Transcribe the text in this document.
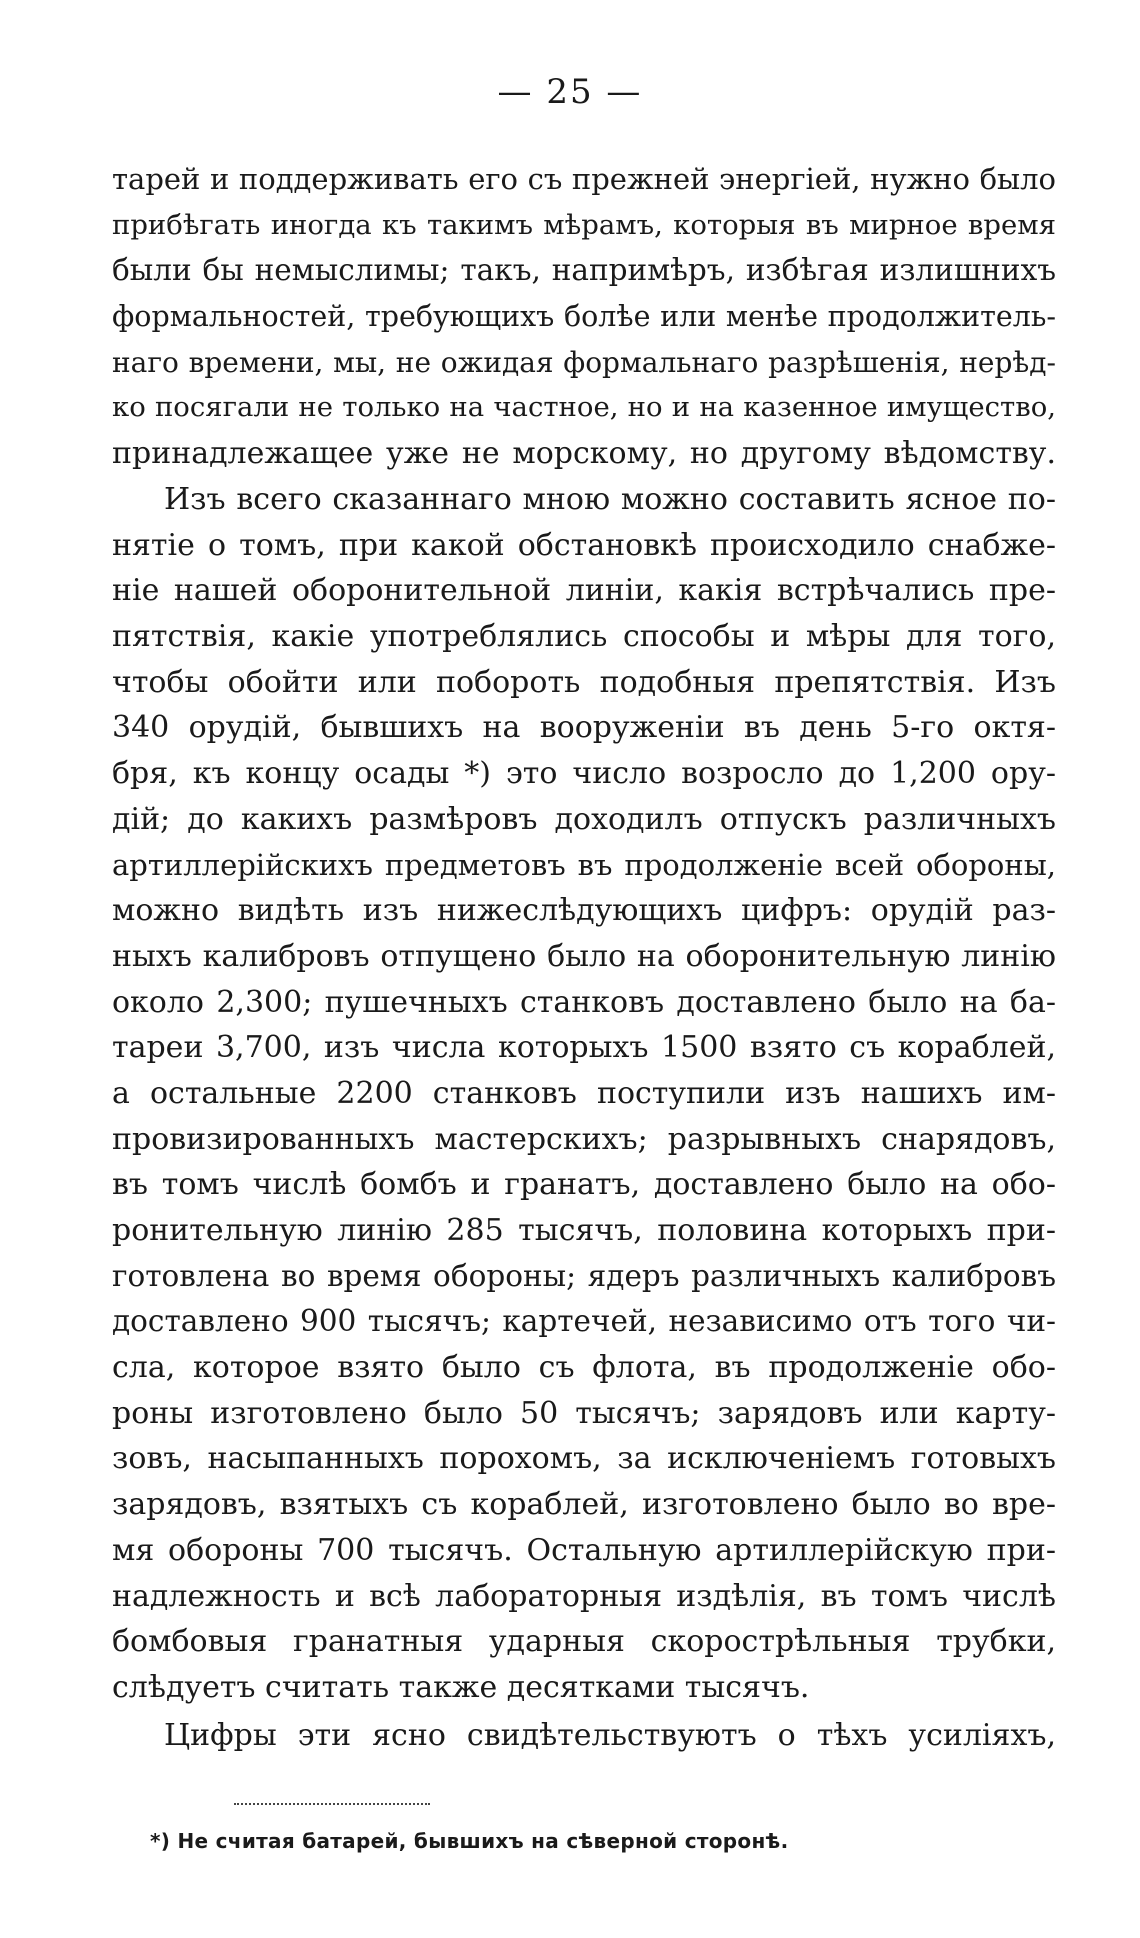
— 25 —
тарей и поддерживать его съ прежней энергіей, нужно было
прибѣгать иногда къ такимъ мѣрамъ, которыя въ мирное время
были бы немыслимы; такъ, напримѣръ, избѣгая излишнихъ
формальностей, требующихъ болѣе или менѣе продолжитель-
наго времени, мы, не ожидая формальнаго разрѣшенія, нерѣд-
ко посягали не только на частное, но и на казенное имущество,
принадлежащее уже не морскому, но другому вѣдомству.
Изъ всего сказаннаго мною можно составить ясное по-
нятіе о томъ, при какой обстановкѣ происходило снабже-
ніе нашей оборонительной линіи, какія встрѣчались пре-
пятствія, какіе употреблялись способы и мѣры для того,
чтобы обойти или побороть подобныя препятствія. Изъ
340 орудій, бывшихъ на вооруженіи въ день 5-го октя-
бря, къ концу осады *) это число возросло до 1,200 ору-
дій; до какихъ размѣровъ доходилъ отпускъ различныхъ
артиллерійскихъ предметовъ въ продолженіе всей обороны,
можно видѣть изъ нижеслѣдующихъ цифръ: орудій раз-
ныхъ калибровъ отпущено было на оборонительную линію
около 2,300; пушечныхъ станковъ доставлено было на ба-
тареи 3,700, изъ числа которыхъ 1500 взято съ кораблей,
а остальные 2200 станковъ поступили изъ нашихъ им-
провизированныхъ мастерскихъ; разрывныхъ снарядовъ,
въ томъ числѣ бомбъ и гранатъ, доставлено было на обо-
ронительную линію 285 тысячъ, половина которыхъ при-
готовлена во время обороны; ядеръ различныхъ калибровъ
доставлено 900 тысячъ; картечей, независимо отъ того чи-
сла, которое взято было съ флота, въ продолженіе обо-
роны изготовлено было 50 тысячъ; зарядовъ или карту-
зовъ, насыпанныхъ порохомъ, за исключеніемъ готовыхъ
зарядовъ, взятыхъ съ кораблей, изготовлено было во вре-
мя обороны 700 тысячъ. Остальную артиллерійскую при-
надлежность и всѣ лабораторныя издѣлія, въ томъ числѣ
бомбовыя гранатныя ударныя скорострѣльныя трубки,
слѣдуетъ считать также десятками тысячъ.
Цифры эти ясно свидѣтельствуютъ о тѣхъ усиліяхъ,
*) Не считая батарей, бывшихъ на сѣверной сторонѣ.
